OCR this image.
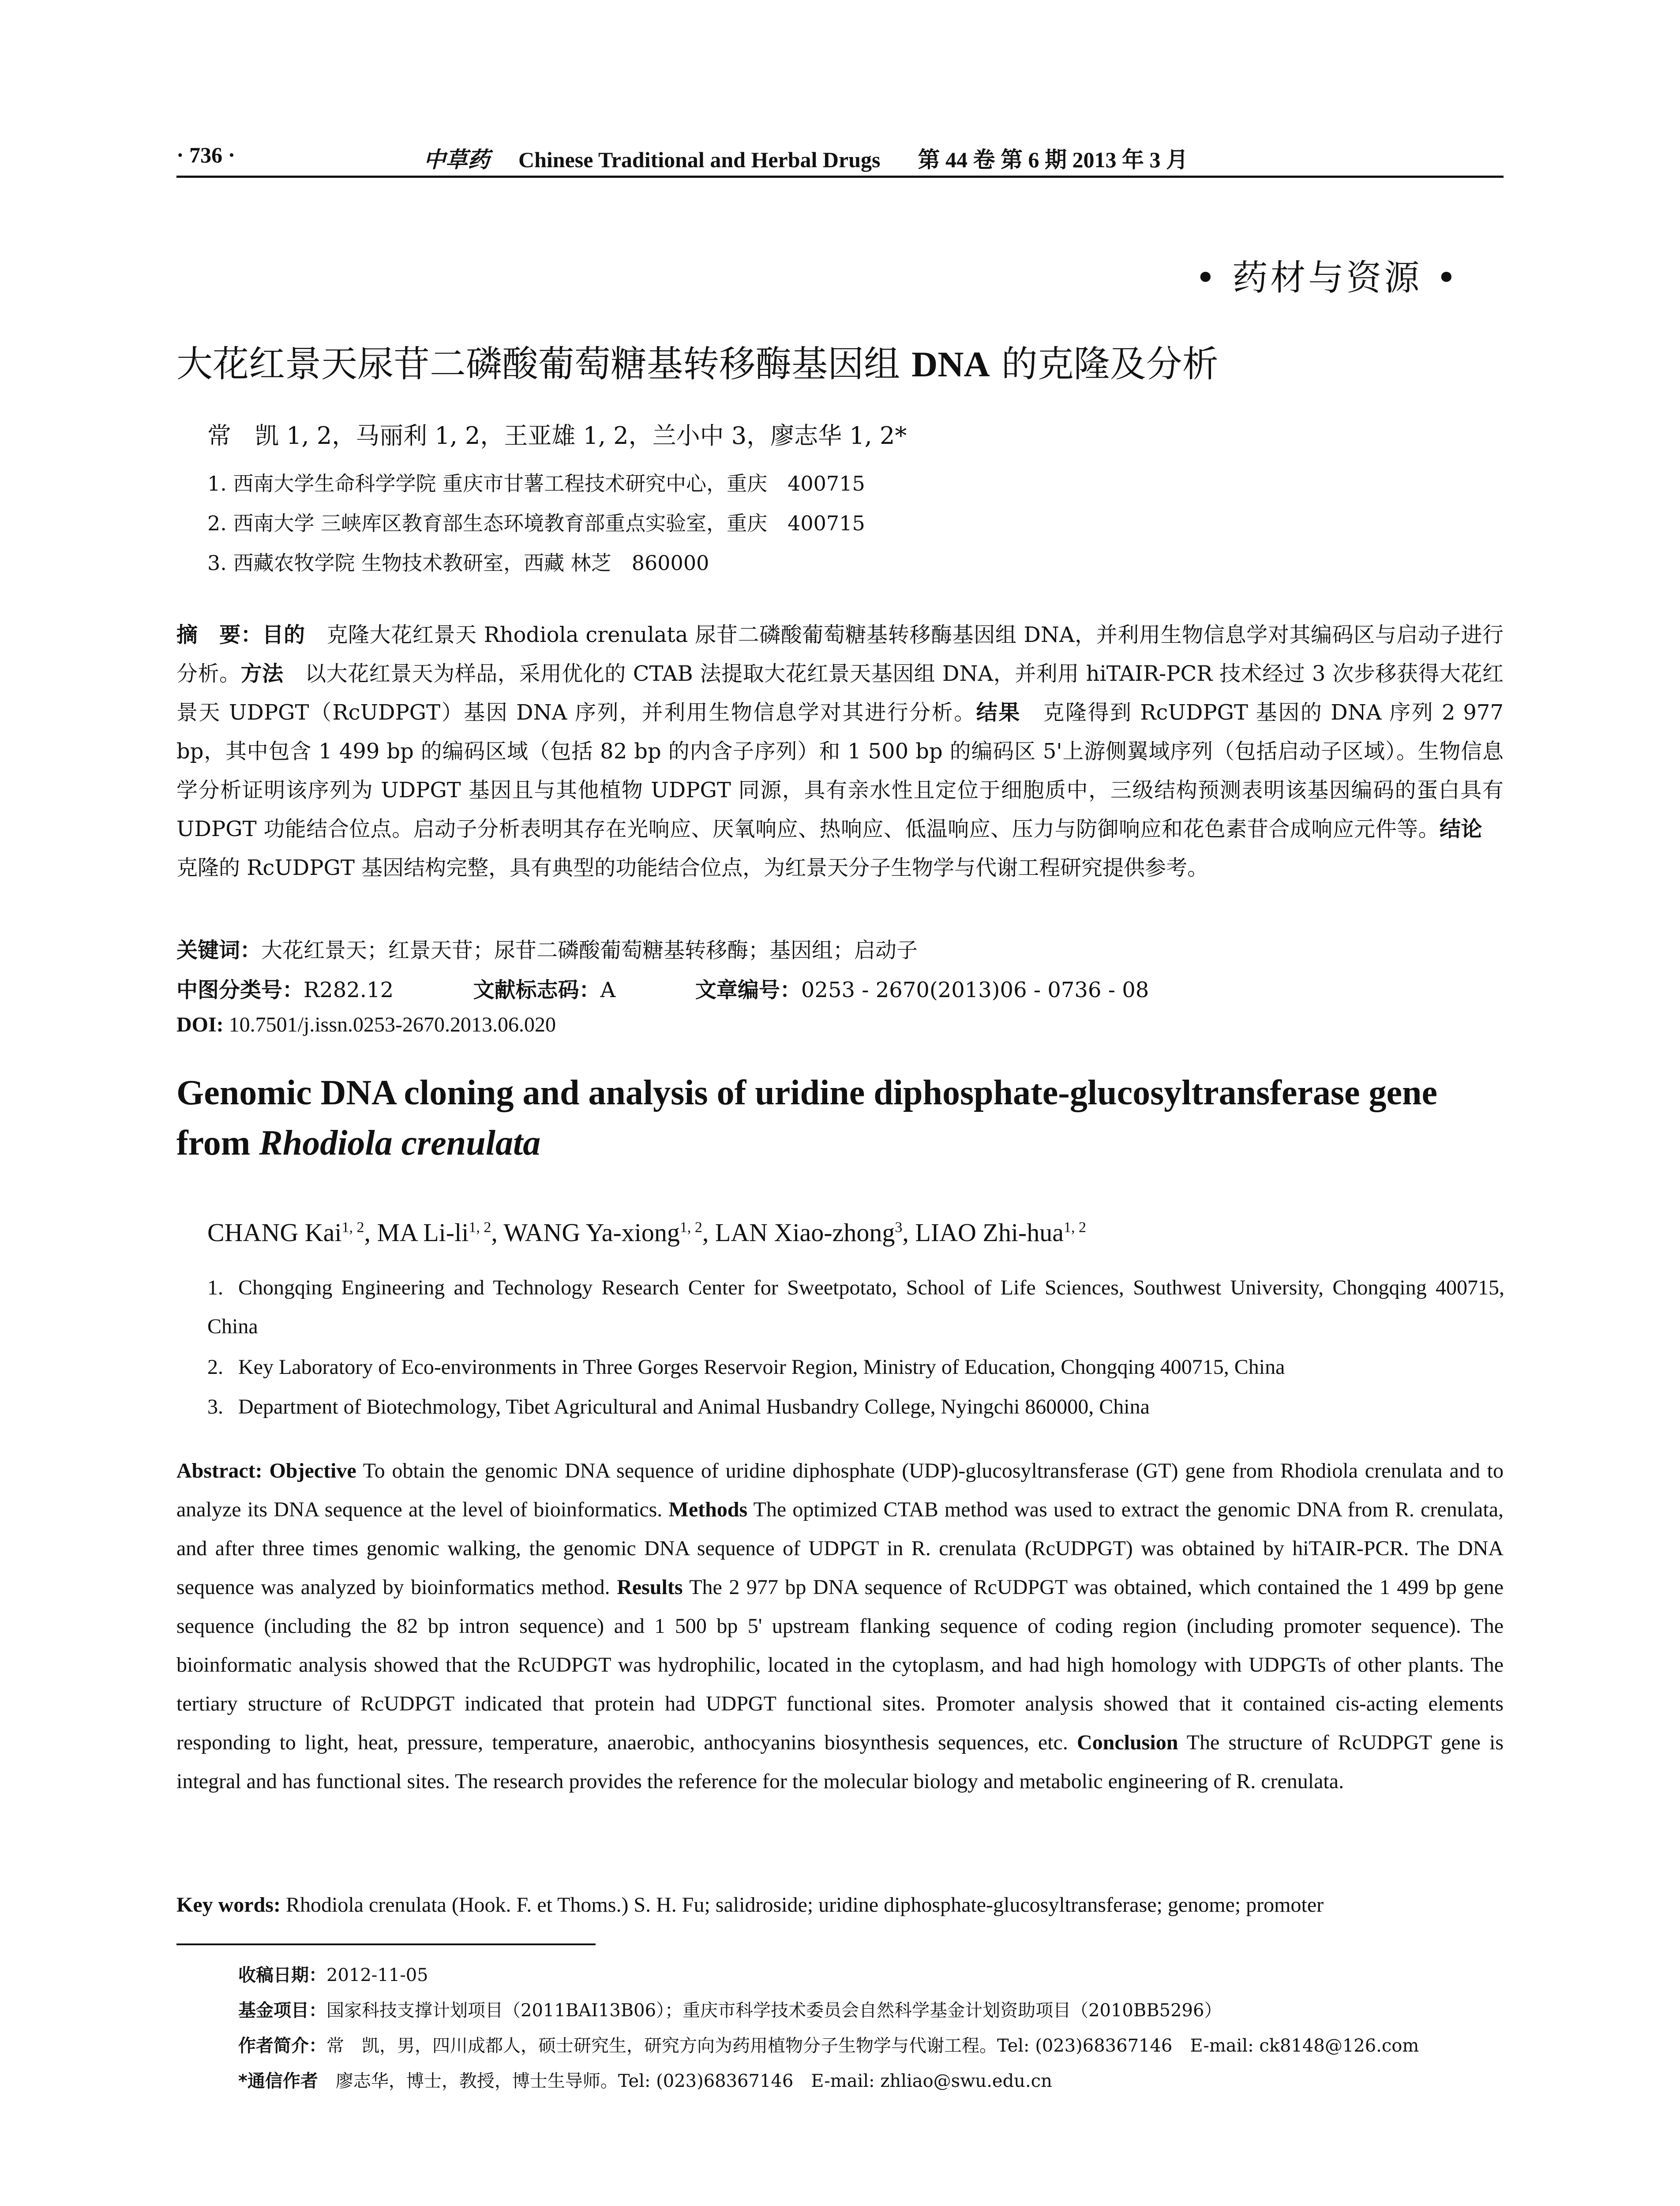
· 736 ·	中草药 Chinese Traditional and Herbal Drugs 第 44 卷 第 6 期 2013 年 3 月
• 药材与资源 •
大花红景天尿苷二磷酸葡萄糖基转移酶基因组 DNA 的克隆及分析
常　凯 1, 2，马丽利 1, 2，王亚雄 1, 2，兰小中 3，廖志华 1, 2*
1. 西南大学生命科学学院 重庆市甘薯工程技术研究中心，重庆　400715
2. 西南大学 三峡库区教育部生态环境教育部重点实验室，重庆　400715
3. 西藏农牧学院 生物技术教研室，西藏 林芝　860000
摘　要：目的　克隆大花红景天 Rhodiola crenulata 尿苷二磷酸葡萄糖基转移酶基因组 DNA，并利用生物信息学对其编码区与启动子进行分析。方法　以大花红景天为样品，采用优化的 CTAB 法提取大花红景天基因组 DNA，并利用 hiTAIR-PCR 技术经过 3 次步移获得大花红景天 UDPGT（RcUDPGT）基因 DNA 序列，并利用生物信息学对其进行分析。结果　克隆得到 RcUDPGT 基因的 DNA 序列 2 977 bp，其中包含 1 499 bp 的编码区域（包括 82 bp 的内含子序列）和 1 500 bp 的编码区 5'上游侧翼域序列（包括启动子区域）。生物信息学分析证明该序列为 UDPGT 基因且与其他植物 UDPGT 同源，具有亲水性且定位于细胞质中，三级结构预测表明该基因编码的蛋白具有 UDPGT 功能结合位点。启动子分析表明其存在光响应、厌氧响应、热响应、低温响应、压力与防御响应和花色素苷合成响应元件等。结论　克隆的 RcUDPGT 基因结构完整，具有典型的功能结合位点，为红景天分子生物学与代谢工程研究提供参考。
关键词：大花红景天；红景天苷；尿苷二磷酸葡萄糖基转移酶；基因组；启动子
中图分类号：R282.12	文献标志码：A	文章编号：0253 - 2670(2013)06 - 0736 - 08
DOI: 10.7501/j.issn.0253-2670.2013.06.020
Genomic DNA cloning and analysis of uridine diphosphate-glucosyltransferase gene from Rhodiola crenulata
CHANG Kai$^{1, 2}$, MA Li-li$^{1, 2}$, WANG Ya-xiong$^{1, 2}$, LAN Xiao-zhong$^3$, LIAO Zhi-hua$^{1, 2}$
1. Chongqing Engineering and Technology Research Center for Sweetpotato, School of Life Sciences, Southwest University, Chongqing 400715, China
2. Key Laboratory of Eco-environments in Three Gorges Reservoir Region, Ministry of Education, Chongqing 400715, China
3. Department of Biotechmology, Tibet Agricultural and Animal Husbandry College, Nyingchi 860000, China
Abstract: Objective To obtain the genomic DNA sequence of uridine diphosphate (UDP)-glucosyltransferase (GT) gene from Rhodiola crenulata and to analyze its DNA sequence at the level of bioinformatics. Methods The optimized CTAB method was used to extract the genomic DNA from R. crenulata, and after three times genomic walking, the genomic DNA sequence of UDPGT in R. crenulata (RcUDPGT) was obtained by hiTAIR-PCR. The DNA sequence was analyzed by bioinformatics method. Results The 2 977 bp DNA sequence of RcUDPGT was obtained, which contained the 1 499 bp gene sequence (including the 82 bp intron sequence) and 1 500 bp 5' upstream flanking sequence of coding region (including promoter sequence). The bioinformatic analysis showed that the RcUDPGT was hydrophilic, located in the cytoplasm, and had high homology with UDPGTs of other plants. The tertiary structure of RcUDPGT indicated that protein had UDPGT functional sites. Promoter analysis showed that it contained cis-acting elements responding to light, heat, pressure, temperature, anaerobic, anthocyanins biosynthesis sequences, etc. Conclusion The structure of RcUDPGT gene is integral and has functional sites. The research provides the reference for the molecular biology and metabolic engineering of R. crenulata.
Key words: Rhodiola crenulata (Hook. F. et Thoms.) S. H. Fu; salidroside; uridine diphosphate-glucosyltransferase; genome; promoter
收稿日期：2012-11-05
基金项目：国家科技支撑计划项目（2011BAI13B06）；重庆市科学技术委员会自然科学基金计划资助项目（2010BB5296）
作者简介：常　凯，男，四川成都人，硕士研究生，研究方向为药用植物分子生物学与代谢工程。Tel: (023)68367146　E-mail: ck8148@126.com
*通信作者　廖志华，博士，教授，博士生导师。Tel: (023)68367146　E-mail: zhliao@swu.edu.cn
